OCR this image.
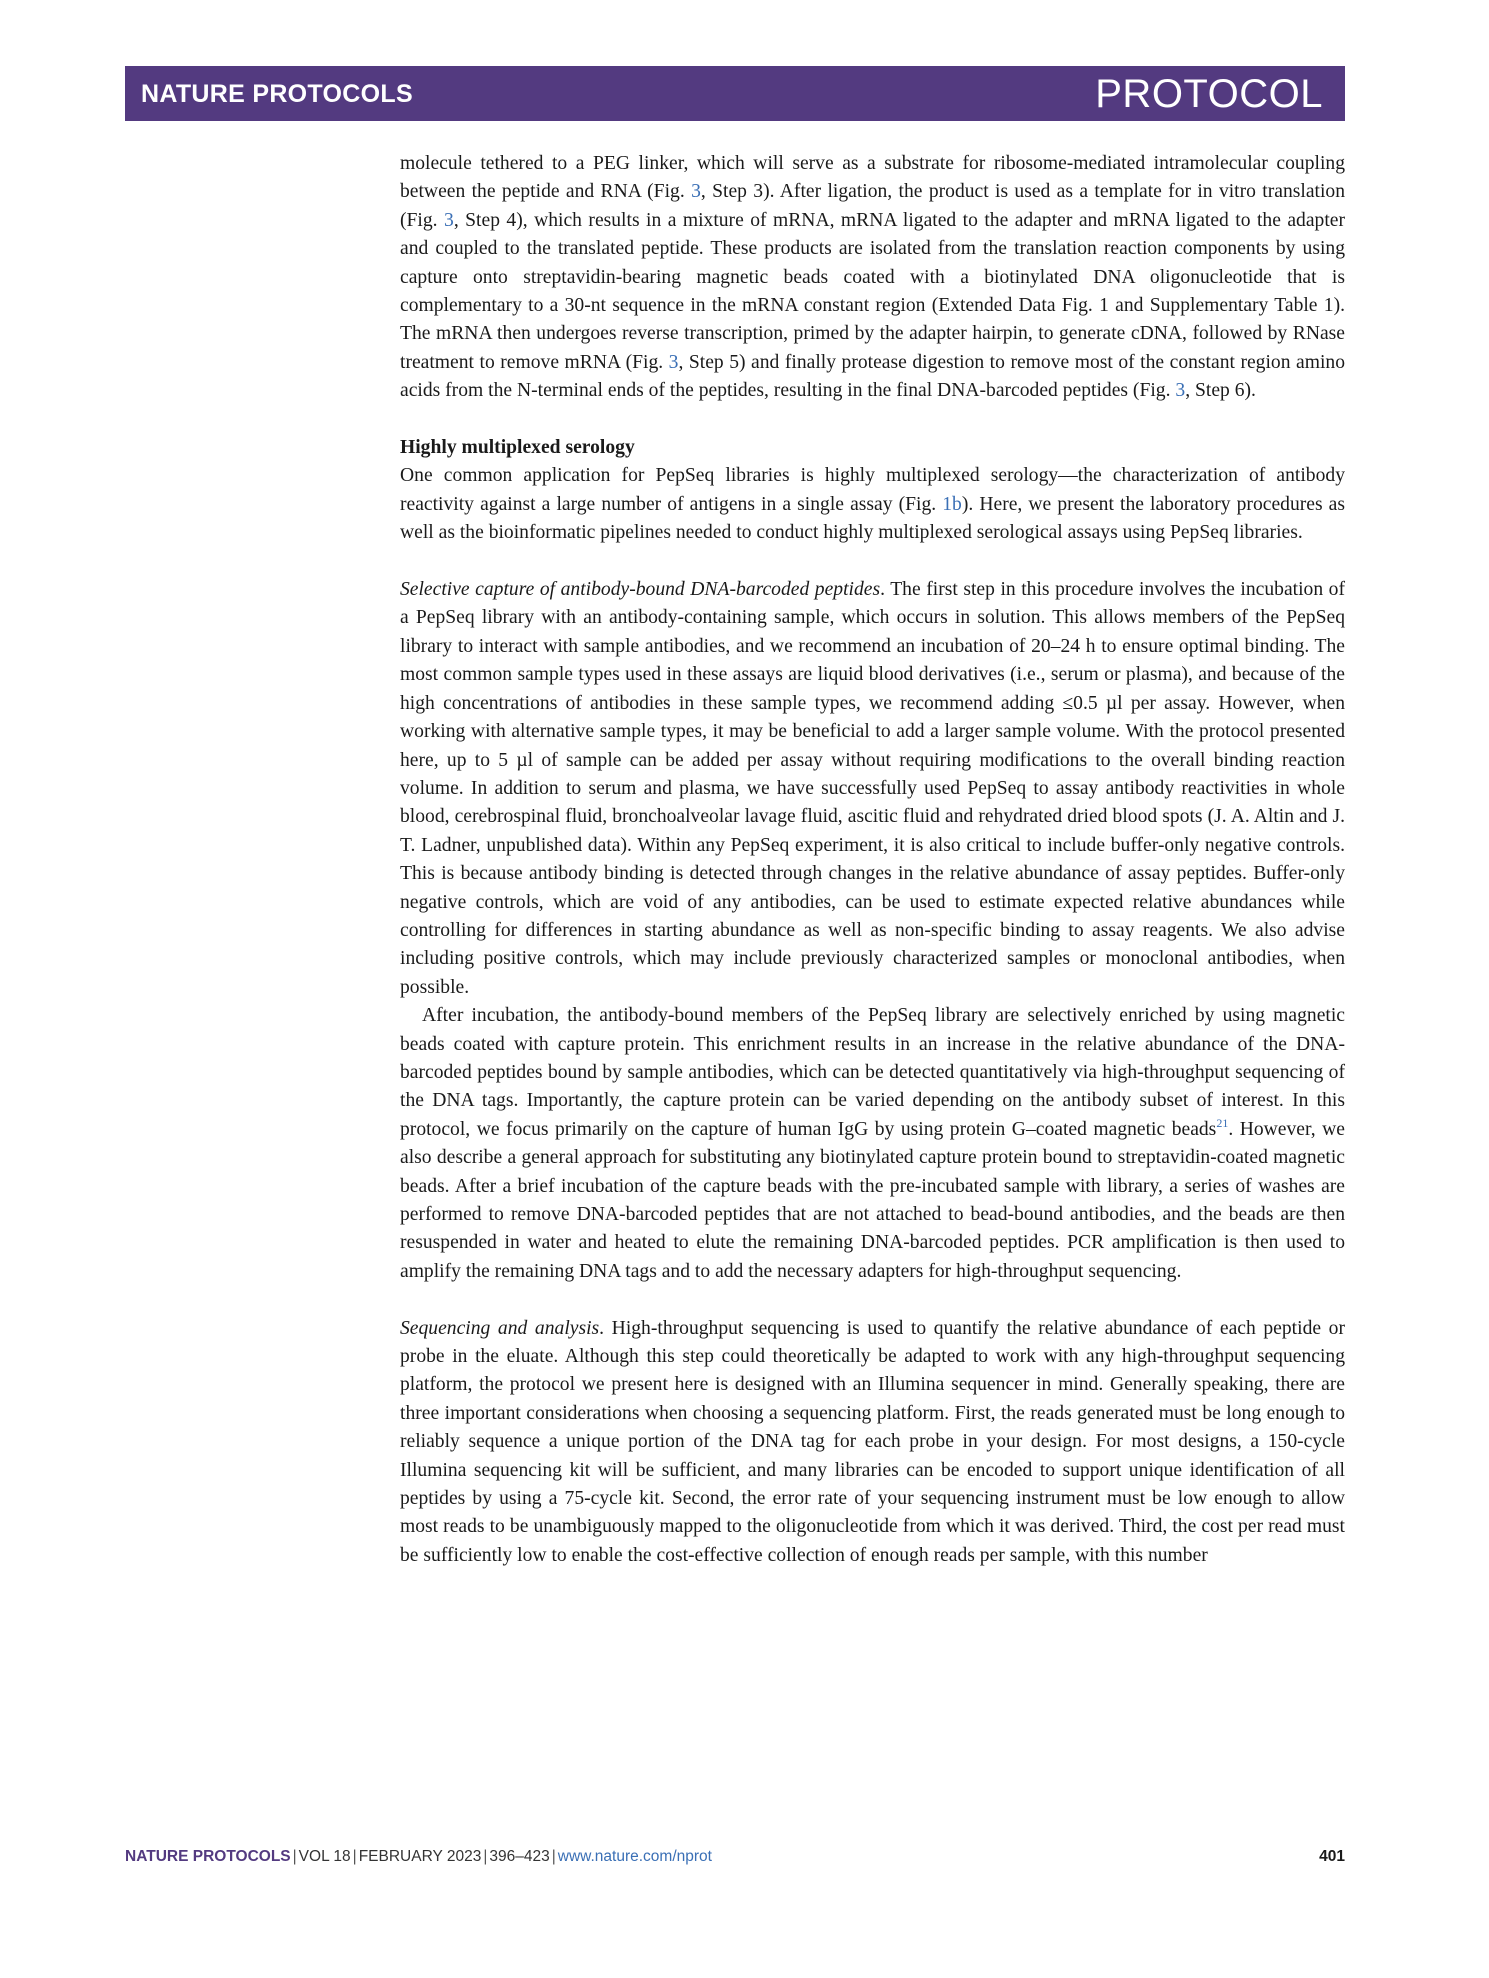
NATURE PROTOCOLS	PROTOCOL

molecule tethered to a PEG linker, which will serve as a substrate for ribosome-mediated intramolecular coupling between the peptide and RNA (Fig. 3, Step 3). After ligation, the product is used as a template for in vitro translation (Fig. 3, Step 4), which results in a mixture of mRNA, mRNA ligated to the adapter and mRNA ligated to the adapter and coupled to the translated peptide. These products are isolated from the translation reaction components by using capture onto streptavidin-bearing magnetic beads coated with a biotinylated DNA oligonucleotide that is complementary to a 30-nt sequence in the mRNA constant region (Extended Data Fig. 1 and Supplementary Table 1). The mRNA then undergoes reverse transcription, primed by the adapter hairpin, to generate cDNA, followed by RNase treatment to remove mRNA (Fig. 3, Step 5) and finally protease digestion to remove most of the constant region amino acids from the N-terminal ends of the peptides, resulting in the final DNA-barcoded peptides (Fig. 3, Step 6).

Highly multiplexed serology

One common application for PepSeq libraries is highly multiplexed serology—the characterization of antibody reactivity against a large number of antigens in a single assay (Fig. 1b). Here, we present the laboratory procedures as well as the bioinformatic pipelines needed to conduct highly multiplexed serological assays using PepSeq libraries.

Selective capture of antibody-bound DNA-barcoded peptides. The first step in this procedure involves the incubation of a PepSeq library with an antibody-containing sample, which occurs in solution. This allows members of the PepSeq library to interact with sample antibodies, and we recommend an incubation of 20–24 h to ensure optimal binding. The most common sample types used in these assays are liquid blood derivatives (i.e., serum or plasma), and because of the high concentrations of antibodies in these sample types, we recommend adding ≤0.5 µl per assay. However, when working with alternative sample types, it may be beneficial to add a larger sample volume. With the protocol presented here, up to 5 µl of sample can be added per assay without requiring modifications to the overall binding reaction volume. In addition to serum and plasma, we have successfully used PepSeq to assay antibody reactivities in whole blood, cerebrospinal fluid, bronchoalveolar lavage fluid, ascitic fluid and rehydrated dried blood spots (J. A. Altin and J. T. Ladner, unpublished data). Within any PepSeq experiment, it is also critical to include buffer-only negative controls. This is because antibody binding is detected through changes in the relative abundance of assay peptides. Buffer-only negative controls, which are void of any antibodies, can be used to estimate expected relative abundances while controlling for differences in starting abundance as well as non-specific binding to assay reagents. We also advise including positive controls, which may include previously characterized samples or monoclonal antibodies, when possible.

After incubation, the antibody-bound members of the PepSeq library are selectively enriched by using magnetic beads coated with capture protein. This enrichment results in an increase in the relative abundance of the DNA-barcoded peptides bound by sample antibodies, which can be detected quantitatively via high-throughput sequencing of the DNA tags. Importantly, the capture protein can be varied depending on the antibody subset of interest. In this protocol, we focus primarily on the capture of human IgG by using protein G–coated magnetic beads$^{21}$. However, we also describe a general approach for substituting any biotinylated capture protein bound to streptavidin-coated magnetic beads. After a brief incubation of the capture beads with the pre-incubated sample with library, a series of washes are performed to remove DNA-barcoded peptides that are not attached to bead-bound antibodies, and the beads are then resuspended in water and heated to elute the remaining DNA-barcoded peptides. PCR amplification is then used to amplify the remaining DNA tags and to add the necessary adapters for high-throughput sequencing.

Sequencing and analysis. High-throughput sequencing is used to quantify the relative abundance of each peptide or probe in the eluate. Although this step could theoretically be adapted to work with any high-throughput sequencing platform, the protocol we present here is designed with an Illumina sequencer in mind. Generally speaking, there are three important considerations when choosing a sequencing platform. First, the reads generated must be long enough to reliably sequence a unique portion of the DNA tag for each probe in your design. For most designs, a 150-cycle Illumina sequencing kit will be sufficient, and many libraries can be encoded to support unique identification of all peptides by using a 75-cycle kit. Second, the error rate of your sequencing instrument must be low enough to allow most reads to be unambiguously mapped to the oligonucleotide from which it was derived. Third, the cost per read must be sufficiently low to enable the cost-effective collection of enough reads per sample, with this number

NATURE PROTOCOLS | VOL 18 | FEBRUARY 2023 | 396–423 | www.nature.com/nprot	401
